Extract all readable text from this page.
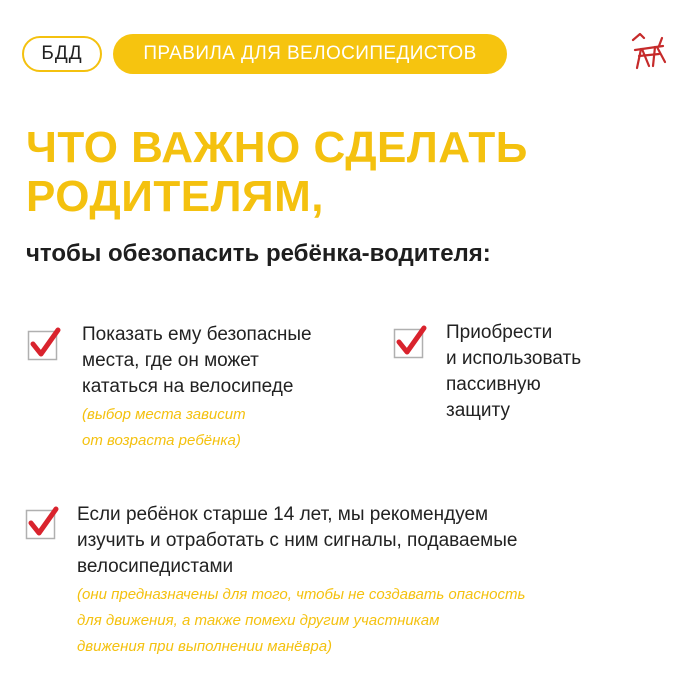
БДД	ПРАВИЛА ДЛЯ ВЕЛОСИПЕДИСТОВ
ЧТО ВАЖНО СДЕЛАТЬ
РОДИТЕЛЯМ,
чтобы обезопасить ребёнка-водителя:
Показать ему безопасные
места, где он может
кататься на велосипеде
(выбор места зависит
от возраста ребёнка)
Приобрести
и использовать
пассивную
защиту
Если ребёнок старше 14 лет, мы рекомендуем
изучить и отработать с ним сигналы, подаваемые
велосипедистами
(они предназначены для того, чтобы не создавать опасность
для движения, а также помехи другим участникам
движения при выполнении манёвра)
